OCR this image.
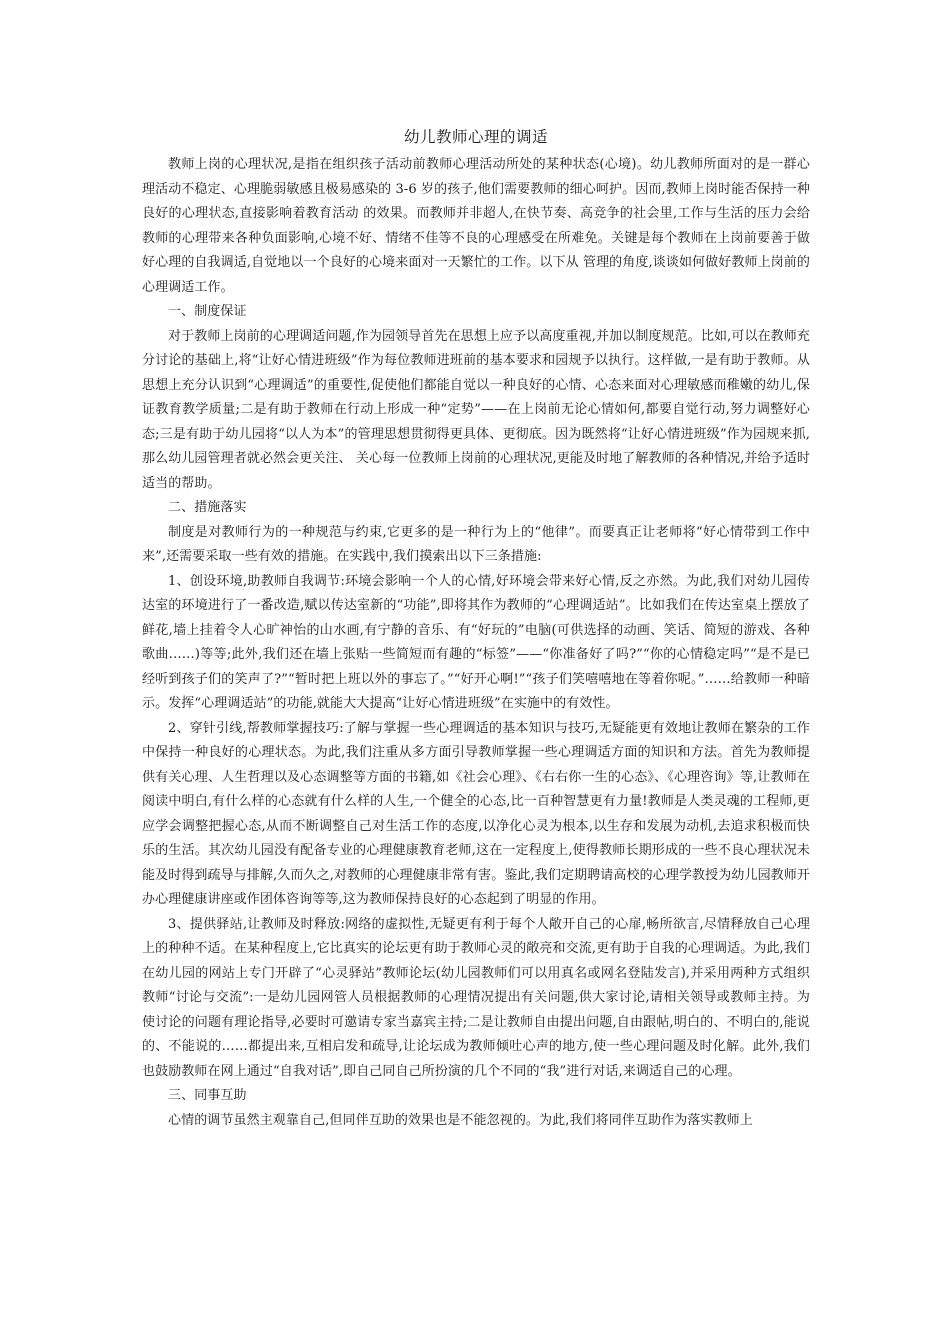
幼儿教师心理的调适

教师上岗的心理状况,是指在组织孩子活动前教师心理活动所处的某种状态(心境)。幼儿教师所面对的是一群心理活动不稳定、心理脆弱敏感且极易感染的 3-6 岁的孩子,他们需要教师的细心呵护。因而,教师上岗时能否保持一种良好的心理状态,直接影响着教育活动 的效果。而教师并非超人,在快节奏、高竞争的社会里,工作与生活的压力会给教师的心理带来各种负面影响,心境不好、情绪不佳等不良的心理感受在所难免。关键是每个教师在上岗前要善于做好心理的自我调适,自觉地以一个良好的心境来面对一天繁忙的工作。以下从 管理的角度,谈谈如何做好教师上岗前的心理调适工作。

一、制度保证

对于教师上岗前的心理调适问题,作为园领导首先在思想上应予以高度重视,并加以制度规范。比如,可以在教师充分讨论的基础上,将“让好心情进班级”作为每位教师进班前的基本要求和园规予以执行。这样做,一是有助于教师。从思想上充分认识到“心理调适”的重要性,促使他们都能自觉以一种良好的心情、心态来面对心理敏感而稚嫩的幼儿,保证教育教学质量;二是有助于教师在行动上形成一种“定势”——在上岗前无论心情如何,都要自觉行动,努力调整好心态;三是有助于幼儿园将“以人为本”的管理思想贯彻得更具体、更彻底。因为既然将“让好心情进班级”作为园规来抓,那么幼儿园管理者就必然会更关注、 关心每一位教师上岗前的心理状况,更能及时地了解教师的各种情况,并给予适时适当的帮助。

二、措施落实

制度是对教师行为的一种规范与约束,它更多的是一种行为上的“他律”。而要真正让老师将“好心情带到工作中来”,还需要采取一些有效的措施。在实践中,我们摸索出以下三条措施:

1、创设环境,助教师自我调节:环境会影响一个人的心情,好环境会带来好心情,反之亦然。为此,我们对幼儿园传达室的环境进行了一番改造,赋以传达室新的“功能”,即将其作为教师的“心理调适站”。比如我们在传达室桌上摆放了鲜花,墙上挂着令人心旷神怡的山水画,有宁静的音乐、有“好玩的”电脑(可供选择的动画、笑话、简短的游戏、各种歌曲……)等等;此外,我们还在墙上张贴一些简短而有趣的“标签”——“你准备好了吗?”“你的心情稳定吗”“是不是已经听到孩子们的笑声了?”“暂时把上班以外的事忘了。”“好开心啊!”“孩子们笑嘻嘻地在等着你呢。”……给教师一种暗示。发挥“心理调适站”的功能,就能大大提高“让好心情进班级”在实施中的有效性。

2、穿针引线,帮教师掌握技巧:了解与掌握一些心理调适的基本知识与技巧,无疑能更有效地让教师在繁杂的工作中保持一种良好的心理状态。为此,我们注重从多方面引导教师掌握一些心理调适方面的知识和方法。首先为教师提供有关心理、人生哲理以及心态调整等方面的书籍,如《社会心理》、《右右你一生的心态》、《心理咨询》等,让教师在阅读中明白,有什么样的心态就有什么样的人生,一个健全的心态,比一百种智慧更有力量!教师是人类灵魂的工程师,更应学会调整把握心态,从而不断调整自己对生活工作的态度,以净化心灵为根本,以生存和发展为动机,去追求积极而快乐的生活。其次幼儿园没有配备专业的心理健康教育老师,这在一定程度上,使得教师长期形成的一些不良心理状况未能及时得到疏导与排解,久而久之,对教师的心理健康非常有害。鉴此,我们定期聘请高校的心理学教授为幼儿园教师开办心理健康讲座或作团体咨询等等,这为教师保持良好的心态起到了明显的作用。

3、提供驿站,让教师及时释放:网络的虚拟性,无疑更有利于每个人敞开自己的心扉,畅所欲言,尽情释放自己心理上的种种不适。在某种程度上,它比真实的论坛更有助于教师心灵的敞亮和交流,更有助于自我的心理调适。为此,我们在幼儿园的网站上专门开辟了“心灵驿站”教师论坛(幼儿园教师们可以用真名或网名登陆发言),并采用两种方式组织教师“讨论与交流”:一是幼儿园网管人员根据教师的心理情况提出有关问题,供大家讨论,请相关领导或教师主持。为使讨论的问题有理论指导,必要时可邀请专家当嘉宾主持;二是让教师自由提出问题,自由跟帖,明白的、不明白的,能说的、不能说的……都提出来,互相启发和疏导,让论坛成为教师倾吐心声的地方,使一些心理问题及时化解。此外,我们也鼓励教师在网上通过“自我对话”,即自己同自己所扮演的几个不同的“我”进行对话,来调适自己的心理。

三、同事互助

心情的调节虽然主观靠自己,但同伴互助的效果也是不能忽视的。为此,我们将同伴互助作为落实教师上
